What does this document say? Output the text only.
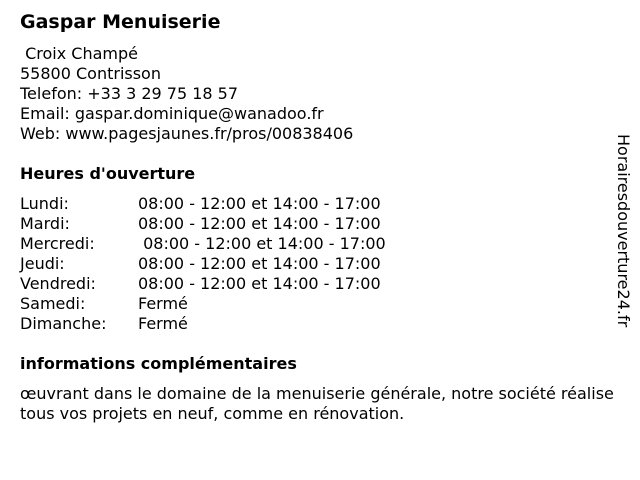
Gaspar Menuiserie
Croix Champé
55800 Contrisson
Telefon: +33 3 29 75 18 57
Email: gaspar.dominique@wanadoo.fr
Web: www.pagesjaunes.fr/pros/00838406
Heures d'ouverture
Lundi:	08:00 - 12:00 et 14:00 - 17:00
Mardi:	08:00 - 12:00 et 14:00 - 17:00
Mercredi:	08:00 - 12:00 et 14:00 - 17:00
Jeudi:	08:00 - 12:00 et 14:00 - 17:00
Vendredi:	08:00 - 12:00 et 14:00 - 17:00
Samedi:	Fermé
Dimanche: Fermé
informations complémentaires
œuvrant dans le domaine de la menuiserie générale, notre société réalise tous vos projets en neuf, comme en rénovation.
Horairesdouverture24.fr
